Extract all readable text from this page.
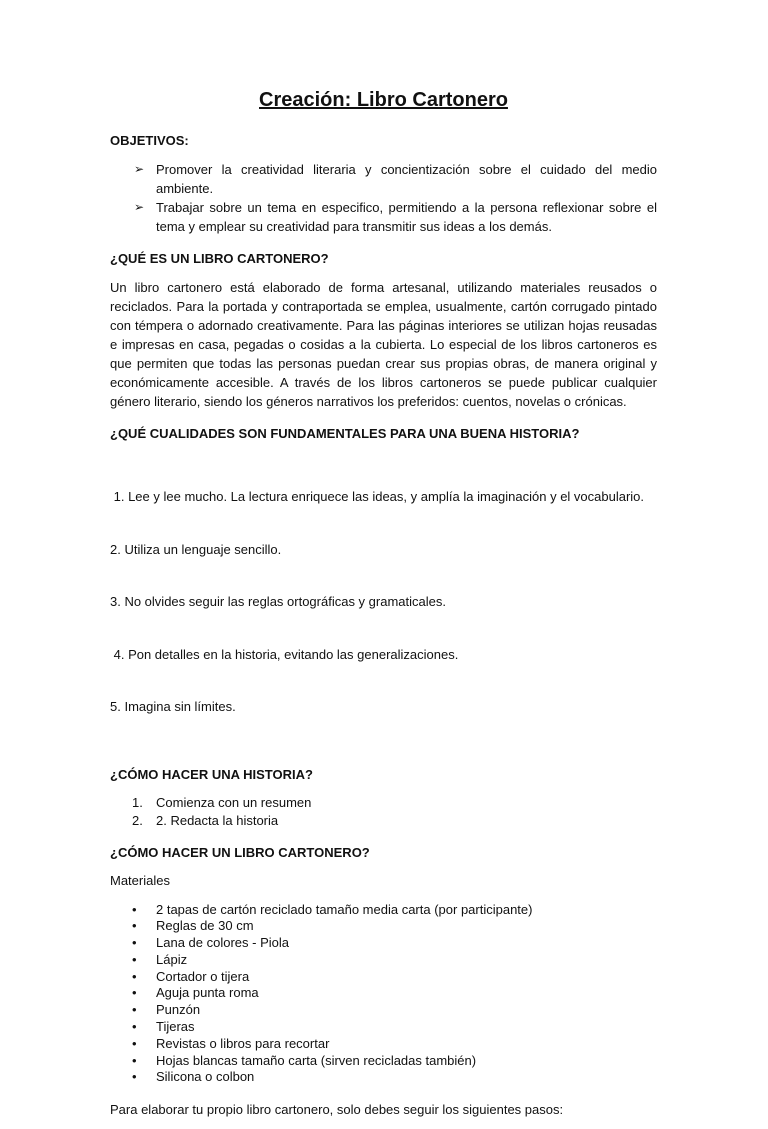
Creación: Libro Cartonero
OBJETIVOS:
➢ Promover la creatividad literaria y concientización sobre el cuidado del medio ambiente.
➢ Trabajar sobre un tema en especifico, permitiendo a la persona reflexionar sobre el tema y emplear su creatividad para transmitir sus ideas a los demás.
¿QUÉ ES UN LIBRO CARTONERO?

Un libro cartonero está elaborado de forma artesanal, utilizando materiales reusados o reciclados. Para la portada y contraportada se emplea, usualmente, cartón corrugado pintado con témpera o adornado creativamente. Para las páginas interiores se utilizan hojas reusadas e impresas en casa, pegadas o cosidas a la cubierta. Lo especial de los libros cartoneros es que permiten que todas las personas puedan crear sus propias obras, de manera original y económicamente accesible. A través de los libros cartoneros se puede publicar cualquier género literario, siendo los géneros narrativos los preferidos: cuentos, novelas o crónicas.

¿QUÉ CUALIDADES SON FUNDAMENTALES PARA UNA BUENA HISTORIA?

1. Lee y lee mucho. La lectura enriquece las ideas, y amplía la imaginación y el vocabulario.

2. Utiliza un lenguaje sencillo.

3. No olvides seguir las reglas ortográficas y gramaticales.

4. Pon detalles en la historia, evitando las generalizaciones.

5. Imagina sin límites.

¿CÓMO HACER UNA HISTORIA?
1. Comienza con un resumen
2. 2. Redacta la historia
¿CÓMO HACER UN LIBRO CARTONERO?
Materiales
• 2 tapas de cartón reciclado tamaño media carta (por participante)
• Reglas de 30 cm
• Lana de colores - Piola
• Lápiz
• Cortador o tijera
• Aguja punta roma
• Punzón
• Tijeras
• Revistas o libros para recortar
• Hojas blancas tamaño carta (sirven recicladas también)
• Silicona o colbon

Para elaborar tu propio libro cartonero, solo debes seguir los siguientes pasos:
